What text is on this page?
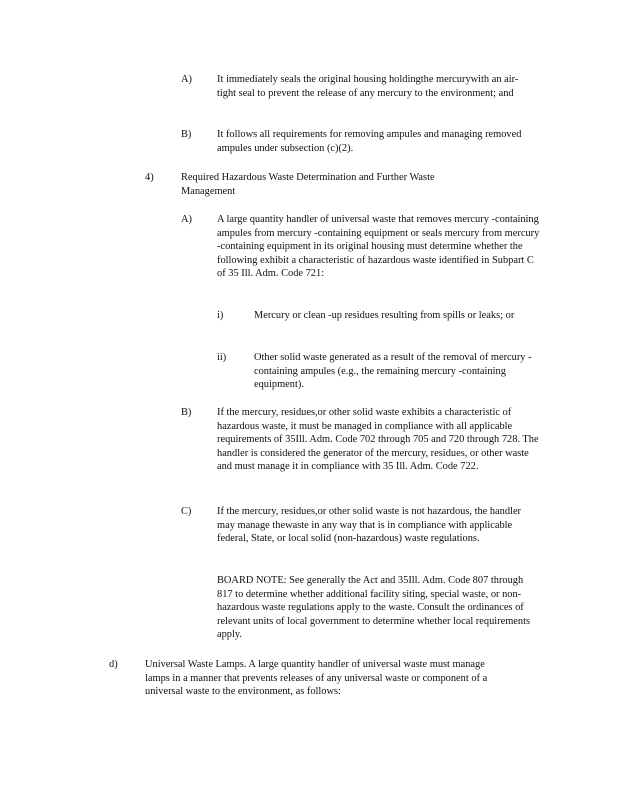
A) It immediately seals the original housing holdingthe mercurywith an air-tight seal to prevent the release of any mercury to the environment; and
B) It follows all requirements for removing ampules and managing removed ampules under subsection (c)(2).
4)	Required Hazardous Waste Determination and Further Waste Management
A) A large quantity handler of universal waste that removes mercury -containing ampules from mercury -containing equipment or seals mercury from mercury -containing equipment in its original housing must determine whether the following exhibit a characteristic of hazardous waste identified in Subpart C of 35 Ill. Adm. Code 721:
i)	Mercury or clean -up residues resulting from spills or leaks; or
ii)	Other solid waste generated as a result of the removal of mercury -containing ampules (e.g., the remaining mercury -containing equipment).
B) If the mercury, residues,or other solid waste exhibits a characteristic of hazardous waste, it must be managed in compliance with all applicable requirements of 35Ill. Adm. Code 702 through 705 and 720 through 728. The handler is considered the generator of the mercury, residues, or other waste and must manage it in compliance with 35 Ill. Adm. Code 722.
C) If the mercury, residues,or other solid waste is not hazardous, the handler may manage thewaste in any way that is in compliance with applicable federal, State, or local solid (non-hazardous) waste regulations.
BOARD NOTE: See generally the Act and 35Ill. Adm. Code 807 through 817 to determine whether additional facility siting, special waste, or non-hazardous waste regulations apply to the waste. Consult the ordinances of relevant units of local government to determine whether local requirements apply.
d)	Universal Waste Lamps. A large quantity handler of universal waste must manage lamps in a manner that prevents releases of any universal waste or component of a universal waste to the environment, as follows:
